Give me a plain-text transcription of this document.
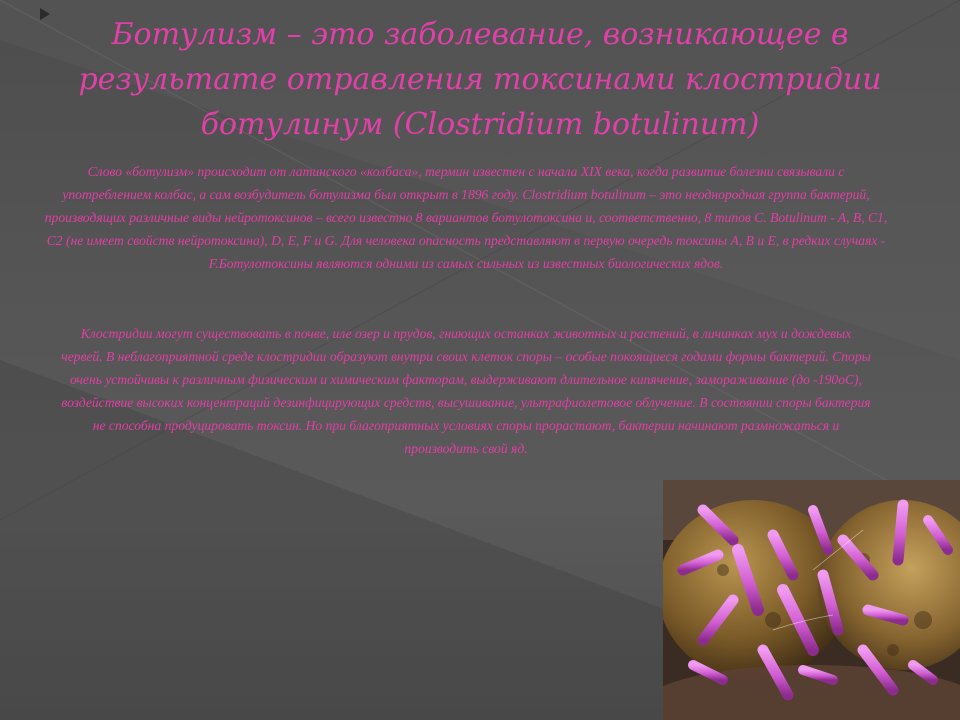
Ботулизм – это заболевание, возникающее в результате отравления токсинами клостридии ботулинум (Clostridium botulinum)

Слово «ботулизм» происходит от латинского «колбаса», термин известен с начала XIX века, когда развитие болезни связывали с употреблением колбас, а сам возбудитель ботулизма был открыт в 1896 году. Clostridium botulinum – это неоднородная группа бактерий, производящих различные виды нейротоксинов – всего известно 8 вариантов ботулотоксина и, соответственно, 8 типов C. Botulinum - A, B, C1, C2 (не имеет свойств нейротоксина), D, E, F и G. Для человека опасность представляют в первую очередь токсины A, B и E, в редких случаях - F.Ботулотоксины являются одними из самых сильных из известных биологических ядов.

Клостридии могут существовать в почве, иле озер и прудов, гниющих останках животных и растений, в личинках мух и дождевых червей. В неблагоприятной среде клостридии образуют внутри своих клеток споры – особые покоящиеся годами формы бактерий. Споры очень устойчивы к различным физическим и химическим факторам, выдерживают длительное кипячение, замораживание (до -190оС), воздействие высоких концентраций дезинфицирующих средств, высушивание, ультрафиолетовое облучение. В состоянии споры бактерия не способна продуцировать токсин. Но при благоприятных условиях споры прорастают, бактерии начинают размножаться и производить свой яд.
